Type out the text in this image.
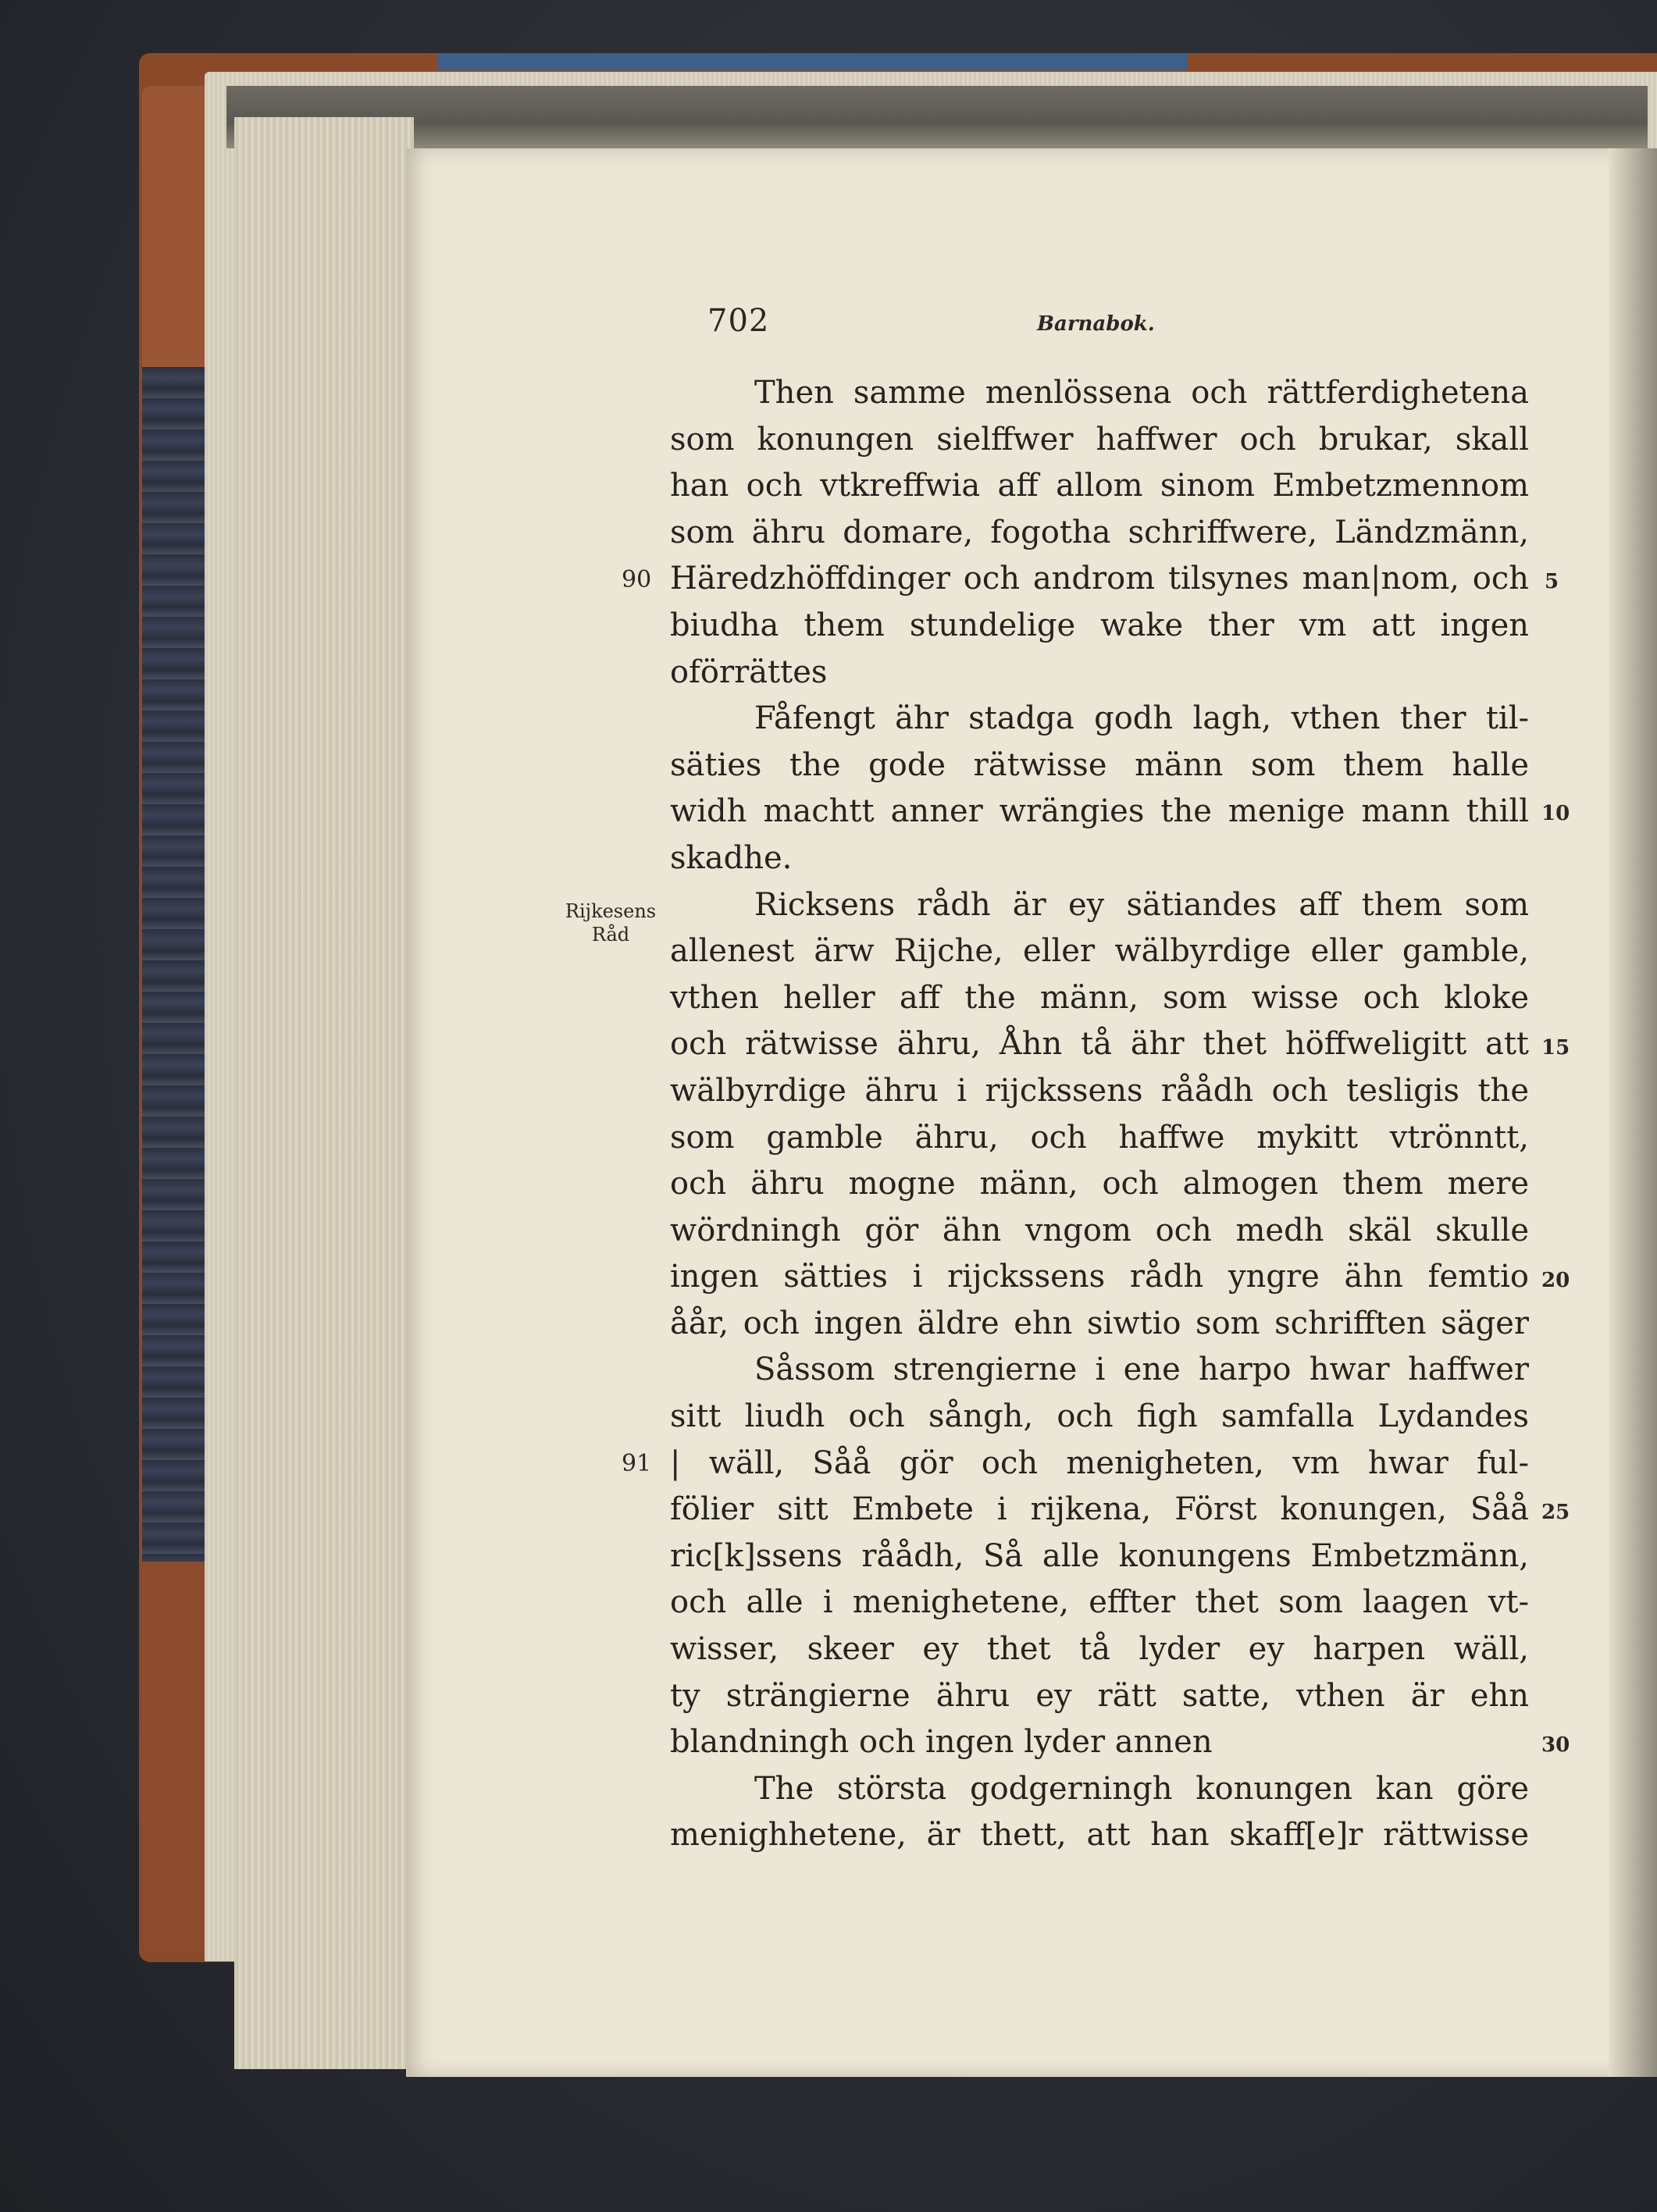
702	Barnabok.
Rijkesens
Råd
90
91
5
10
15
20
25
30
Then samme menlössena och rättferdighetena
som konungen sielffwer haffwer och brukar, skall
han och vtkreffwia aff allom sinom Embetzmennom
som ähru domare, fogotha schriffwere, Ländzmänn,
Häredzhöffdinger och androm tilsynes man|nom, och
biudha them stundelige wake ther vm att ingen
oförrättes
Fåfengt ähr stadga godh lagh, vthen ther til-
säties the gode rätwisse männ som them halle
widh machtt anner wrängies the menige mann thill
skadhe.
Ricksens rådh är ey sätiandes aff them som
allenest ärw Rijche, eller wälbyrdige eller gamble,
vthen heller aff the männ, som wisse och kloke
och rätwisse ähru, Åhn tå ähr thet höffweligitt att
wälbyrdige ähru i rijckssens råådh och tesligis the
som gamble ähru, och haffwe mykitt vtrönntt,
och ähru mogne männ, och almogen them mere
wördningh gör ähn vngom och medh skäl skulle
ingen sätties i rijckssens rådh yngre ähn femtio
åår, och ingen äldre ehn siwtio som schrifften säger
Såssom strengierne i ene harpo hwar haffwer
sitt liudh och sångh, och figh samfalla Lydandes
| wäll, Såå gör och menigheten, vm hwar ful-
fölier sitt Embete i rijkena, Först konungen, Såå
ric[k]ssens råådh, Så alle konungens Embetzmänn,
och alle i menighetene, effter thet som laagen vt-
wisser, skeer ey thet tå lyder ey harpen wäll,
ty strängierne ähru ey rätt satte, vthen är ehn
blandningh och ingen lyder annen
The största godgerningh konungen kan göre
menighhetene, är thett, att han skaff[e]r rättwisse
